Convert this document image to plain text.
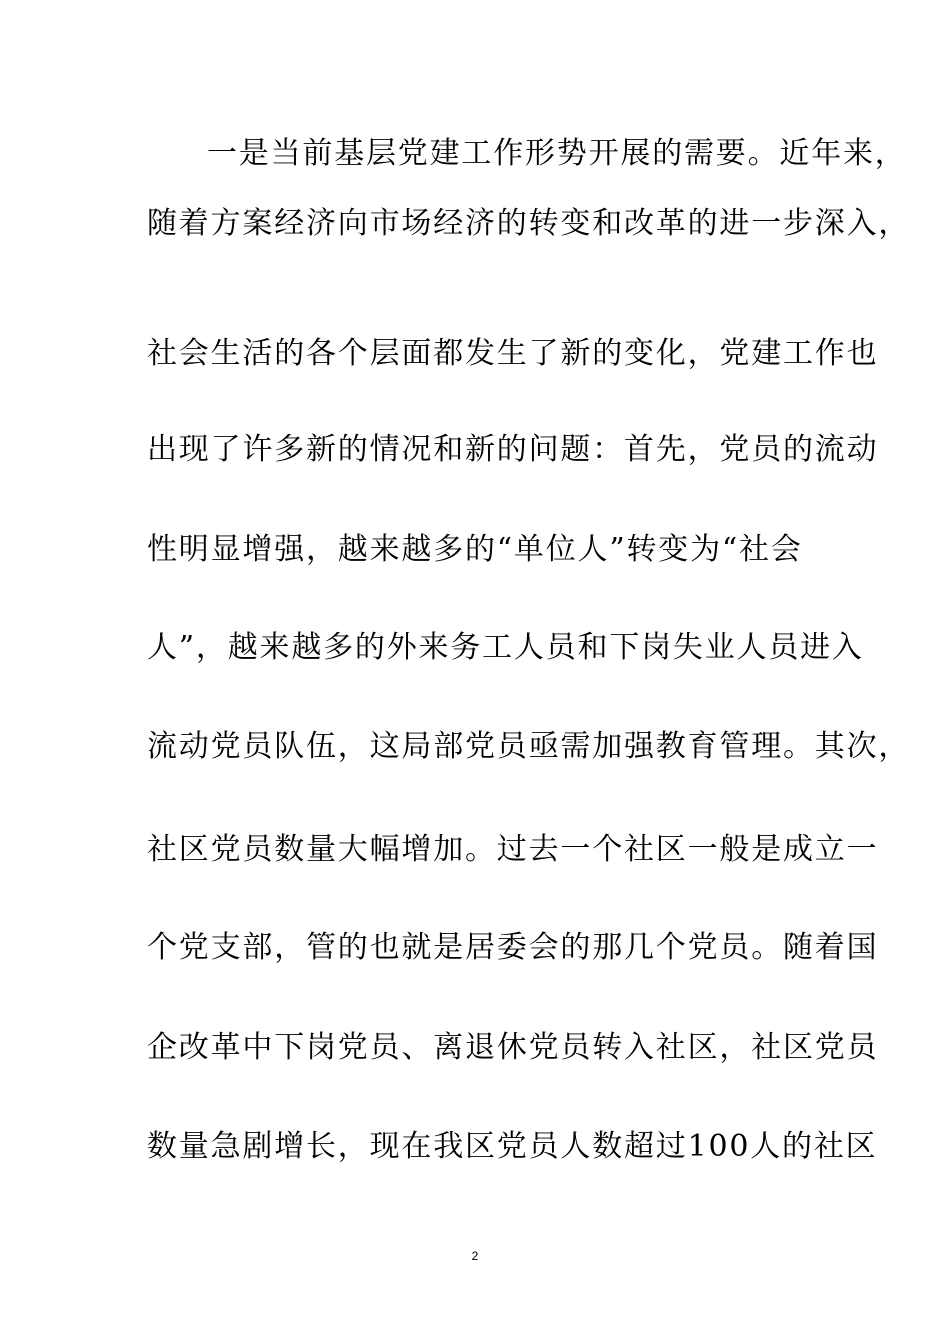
一是当前基层党建工作形势开展的需要。近年来，
随着方案经济向市场经济的转变和改革的进一步深入，
社会生活的各个层面都发生了新的变化，党建工作也
出现了许多新的情况和新的问题：首先，党员的流动
性明显增强，越来越多的“单位人”转变为“社会
人”，越来越多的外来务工人员和下岗失业人员进入
流动党员队伍，这局部党员亟需加强教育管理。其次，
社区党员数量大幅增加。过去一个社区一般是成立一
个党支部，管的也就是居委会的那几个党员。随着国
企改革中下岗党员、离退休党员转入社区，社区党员
数量急剧增长，现在我区党员人数超过100人的社区
2
